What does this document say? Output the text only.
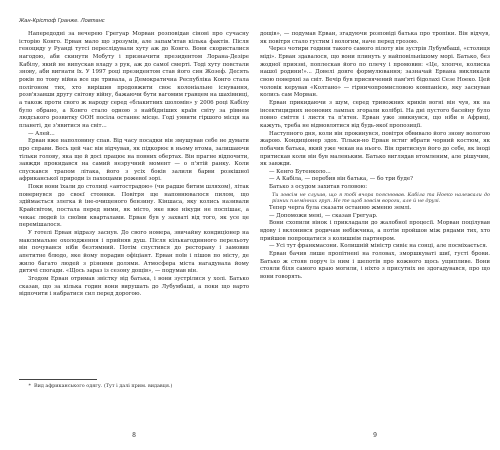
Жан-Крістоф Гранже. Ловтанс

Напередодні за вечерею Грегуар Морван розповідав сінові про сучасну історію Конго. Ерван мало що зрозумів, але запам'ятав кілька фактів. Після геноциду у Руанді тутсі переслідували хуту аж до Конго. Вони скористалися нагодою, аби скинути Мобуту і призначити президентом Лорана-Дезіре Кабілу, який не випускав владу з рук, аж до самої смерті. Тоді хуту повстали знову, аби вигнати їх. У 1997 році президентом став його син Жозеф. Десять років по тому війна все ще тривала, а Демократична Республіка Конго стала полігоном тих, хто вирішив продовжити своє колоніальне існування, розв'язавши другу світову війну, бажаючи бути вагомим гравцем на шахівниці, а також проти свого ж народу серед «блакитних шоломів» у 2006 році Кабілу було обрано, а Конго стало одною з найбідніших країн світу за рівнем людського розвитку ООН посіла останнє місце. Годі уявити гіршого місця на планеті, де з'явитися на світ...

— Алей...

Ерван вже наполовину спав. Від часу посадки він змушував себе не думати про справи. Весь цей час він відчував, як підкорює в ньому втома, залишаючи тільки голову, яка ще й досі працює на повних обертах. Він прагне відпочити, завжди прокидався на самий незручний момент — о п'ятій ранку. Коли спускався трапом літака, його з усіх боків залили барви розкішної африканської природи із пахощами рожевої зорі.

Поки вони їхали до столиці «автострадою» (чи радше битим шляхом), літак повернувся до своєї стоянки. Повітря ще наповнювалося пилом, що здіймається злегка й іне-очищеного бензину. Кіншаса, яку колись називали Крайсвітом, постала перед ними, як місто, яке вже нікуди не поспішає, а чекає людей із своїми кварталами. Ерван був у захваті від того, як усе це перемішалося.

У готелі Ерван відразу заснув. До свого номера, звичайну кондиціонер на максимальне охолодження і прийняв душ. Після кількагодинного перельоту він почувався ніби безтямний. Потім спустився до ресторану і замовив апетитне блюдо, яке йому порадив офіціант. Ерван поїв і пішов по місту, де жило багато людей з різними долями. Атмосфера міста нагадувала йому дитячі спогади. «Щось зараз із сезону дощів», — подумав він.

Згодом Ерван отримав звістку від батька, і вони зустрілися у холі. Батько сказав, що за кілька годин вони вирушать до Лубумбаші, а поки що варто відпочити і набратися сил перед дорогою.

* Вид африканського одягу. (Тут і далі прим. видавця.)
8

дощів», — подумав Ерван, згадуючи розповіді батька про тропіки. Він відчув, як повітря стало густим і вологим, наче перед грозою.

Через чотири години такого самого пілоту він зустрів Лубумбаші, «столиця міді». Ерван здавалося, що вони плинуть у найповільнішому морі. Батько, без жодної приязні, поплескав його по плечу і промовив: «Це, хлопче, колиска нашої родини!»... Довелі довге формулювання; зазначай Ервана викликали свою поверхні за світ. Вечір був присвячений пам'яті бідолахі Сезе Ноеко. Цей чоловік керував «Колтано» — гірничопромисловою компанією, яку заснував колись сам Морван.

Ерван прикидаючи з шум, серед тривожних криків вогні він чув, як на інсектицидних неонових лампах згорали колібрі. На дні пустого басейну було повно сміття і листя та п'ятен. Ерван уже звикнувся, що ніби в Африці, кажуть, треба не відмовлятися від будь-якої пропозиції.

Наступного дня, коли він прокинувся, повітря обвивало його знову вологою жарою. Кондиціонер здох. Тільки-но Ерван встиг вбрати чорний костюм, як побачив батька, який уже чекав на нього. Він притиснув його до себе, як іноді притискав коли він був маленьким. Батько виглядав втомленим, але рішучим, як завжди.

— Кенго Бутенколо...

— А Кабіла, — перебив він батька, — бо три буде?

Батько з осудом захитав головою:

Ти зовсім не слухав, що я тобі вчора пояснював. Кабіла та Ноеко належали до різних племінних груп. Не те щоб зовсім вороги, але й не друзі.

Тепер черга була сказати останню жменю землі.

— Допоможи мені, — сказав Грегуар.

Вони схопили вінок і прикладали до жалобної процесії. Морван поцілував вдову і вклонився родичам небіжчика, а потім пройшов між рядами тих, хто прийшов попрощатися з колишнім партнером.

— Усі тут франкмасони. Колишній міністр сивіє на сонці, але посміхається.

Ерван бачив лише пропітнені на головах, зморшкуваті шиї, густі брови. Батько ж стояв поруч із ним і шепотів про кожного щось ущипливе. Вони стояли біля самого краю могили, і ніхто з присутніх не здогадувався, про що вони говорять.

9
